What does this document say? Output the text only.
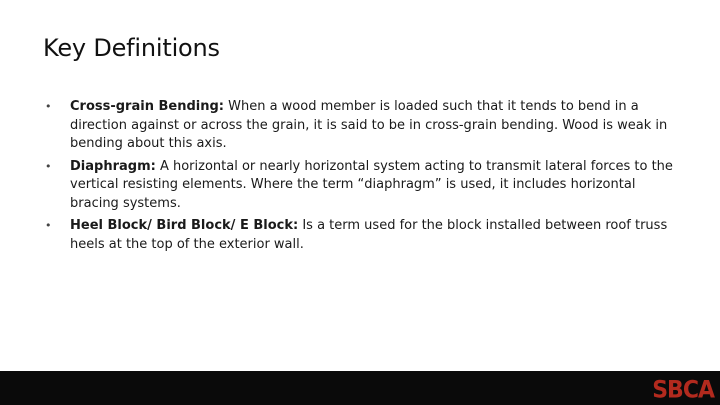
Key Definitions
• Cross-grain Bending: When a wood member is loaded such that it tends to bend in a direction against or across the grain, it is said to be in cross-grain bending. Wood is weak in bending about this axis.
• Diaphragm: A horizontal or nearly horizontal system acting to transmit lateral forces to the vertical resisting elements. Where the term “diaphragm” is used, it includes horizontal bracing systems.
• Heel Block/ Bird Block/ E Block: Is a term used for the block installed between roof truss heels at the top of the exterior wall.
SBCA
